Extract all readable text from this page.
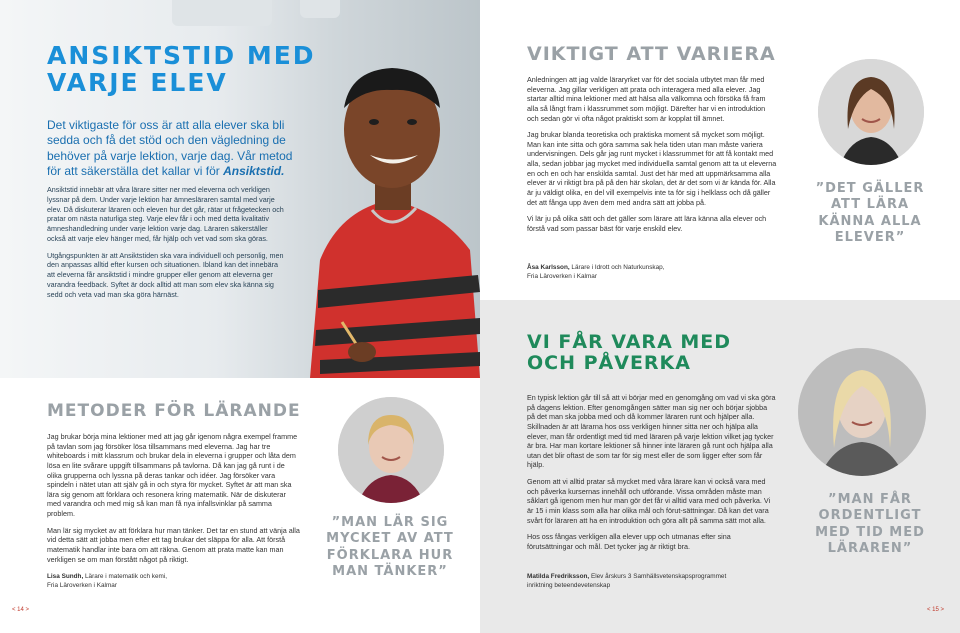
ANSIKTSTID MED
VARJE ELEV
Det viktigaste för oss är att alla elever ska bli sedda och få det stöd och den vägledning de behöver på varje lektion, varje dag. Vår metod för att säkerställa det kallar vi för Ansiktstid.

Ansiktstid innebär att våra lärare sitter ner med eleverna och verkligen lyssnar på dem. Under varje lektion har ämnesläraren samtal med varje elev. Då diskuterar läraren och eleven hur det går, rätar ut frågetecken och pratar om nästa naturliga steg. Varje elev får i och med detta kvalitativ ämneshandledning under varje lektion varje dag. Läraren säkerställer också att varje elev hänger med, får hjälp och vet vad som ska göras.

Utgångspunkten är att Ansiktstiden ska vara individuell och personlig, men den anpassas alltid efter kursen och situationen. Ibland kan det innebära att eleverna får ansiktstid i mindre grupper eller genom att eleverna ger varandra feedback. Syftet är dock alltid att man som elev ska känna sig sedd och veta vad man ska göra härnäst.

METODER FÖR LÄRANDE

Jag brukar börja mina lektioner med att jag går igenom några exempel framme på tavlan som jag försöker lösa tillsammans med eleverna. Jag har tre whiteboards i mitt klassrum och brukar dela in eleverna i grupper och låta dem lösa en lite svårare uppgift tillsammans på tavlorna. Då kan jag gå runt i de olika grupperna och lyssna på deras tankar och idéer. Jag försöker vara spindeln i nätet utan att själv gå in och styra för mycket. Syftet är att man ska lära sig genom att förklara och resonera kring matematik. När de diskuterar med varandra och med mig så kan man få nya infallsvinklar på samma problem.

Man lär sig mycket av att förklara hur man tänker. Det tar en stund att vänja alla vid detta sätt att jobba men efter ett tag brukar det släppa för alla. Att förstå matematik handlar inte bara om att räkna. Genom att prata matte kan man verkligen se om man förstått något på riktigt.

Lisa Sundh, Lärare i matematik och kemi,
Fria Läroverken i Kalmar
”MAN LÄR SIG
MYCKET AV ATT
FÖRKLARA HUR
MAN TÄNKER”
< 14 >
VIKTIGT ATT VARIERA

Anledningen att jag valde läraryrket var för det sociala utbytet man får med eleverna. Jag gillar verkligen att prata och interagera med alla elever. Jag startar alltid mina lektioner med att hälsa alla välkomna och försöka få fram alla så långt fram i klassrummet som möjligt. Därefter har vi en introduktion och sedan gör vi ofta något praktiskt som är kopplat till ämnet.

Jag brukar blanda teoretiska och praktiska moment så mycket som möjligt. Man kan inte sitta och göra samma sak hela tiden utan man måste variera undervisningen. Dels går jag runt mycket i klassrummet för att få kontakt med alla, sedan jobbar jag mycket med individuella samtal genom att ta ut eleverna en och en och har enskilda samtal. Just det här med att uppmärksamma alla elever är vi riktigt bra på på den här skolan, det är det som vi är kända för. Alla är ju väldigt olika, en del vill exempelvis inte ta för sig i helklass och då gäller det att fånga upp även dem med andra sätt att jobba på.

Vi lär ju på olika sätt och det gäller som lärare att lära känna alla elever och förstå vad som passar bäst för varje enskild elev.

Åsa Karlsson, Lärare i Idrott och Naturkunskap,
Fria Läroverken i Kalmar
”DET GÄLLER
ATT LÄRA
KÄNNA ALLA
ELEVER”
VI FÅR VARA MED
OCH PÅVERKA

En typisk lektion går till så att vi börjar med en genomgång om vad vi ska göra på dagens lektion. Efter genomgången sätter man sig ner och börjar sjobba på det man ska jobba med och då kommer läraren runt och hjälper alla. Skillnaden är att lärarna hos oss verkligen hinner sitta ner och hjälpa alla elever, man får ordentligt med tid med läraren på varje lektion vilket jag tycker är bra. Har man kortare lektioner så hinner inte läraren gå runt och hjälpa alla utan det blir oftast de som tar för sig mest eller de som ligger efter som får hjälp.

Genom att vi alltid pratar så mycket med våra lärare kan vi också vara med och påverka kursernas innehåll och utförande. Vissa områden måste man såklart gå igenom men hur man gör det får vi alltid vara med och påverka. Vi är 15 i min klass som alla har olika mål och förut-sättningar. Då kan det vara svårt för läraren att ha en introduktion och göra allt på samma sätt mot alla.

Hos oss fångas verkligen alla elever upp och utmanas efter sina förutsättningar och mål. Det tycker jag är riktigt bra.

Matilda Fredriksson, Elev årskurs 3 Samhällsvetenskapsprogrammet
inriktning beteendevetenskap
”MAN FÅR
ORDENTLIGT
MED TID MED
LÄRAREN”
< 15 >
